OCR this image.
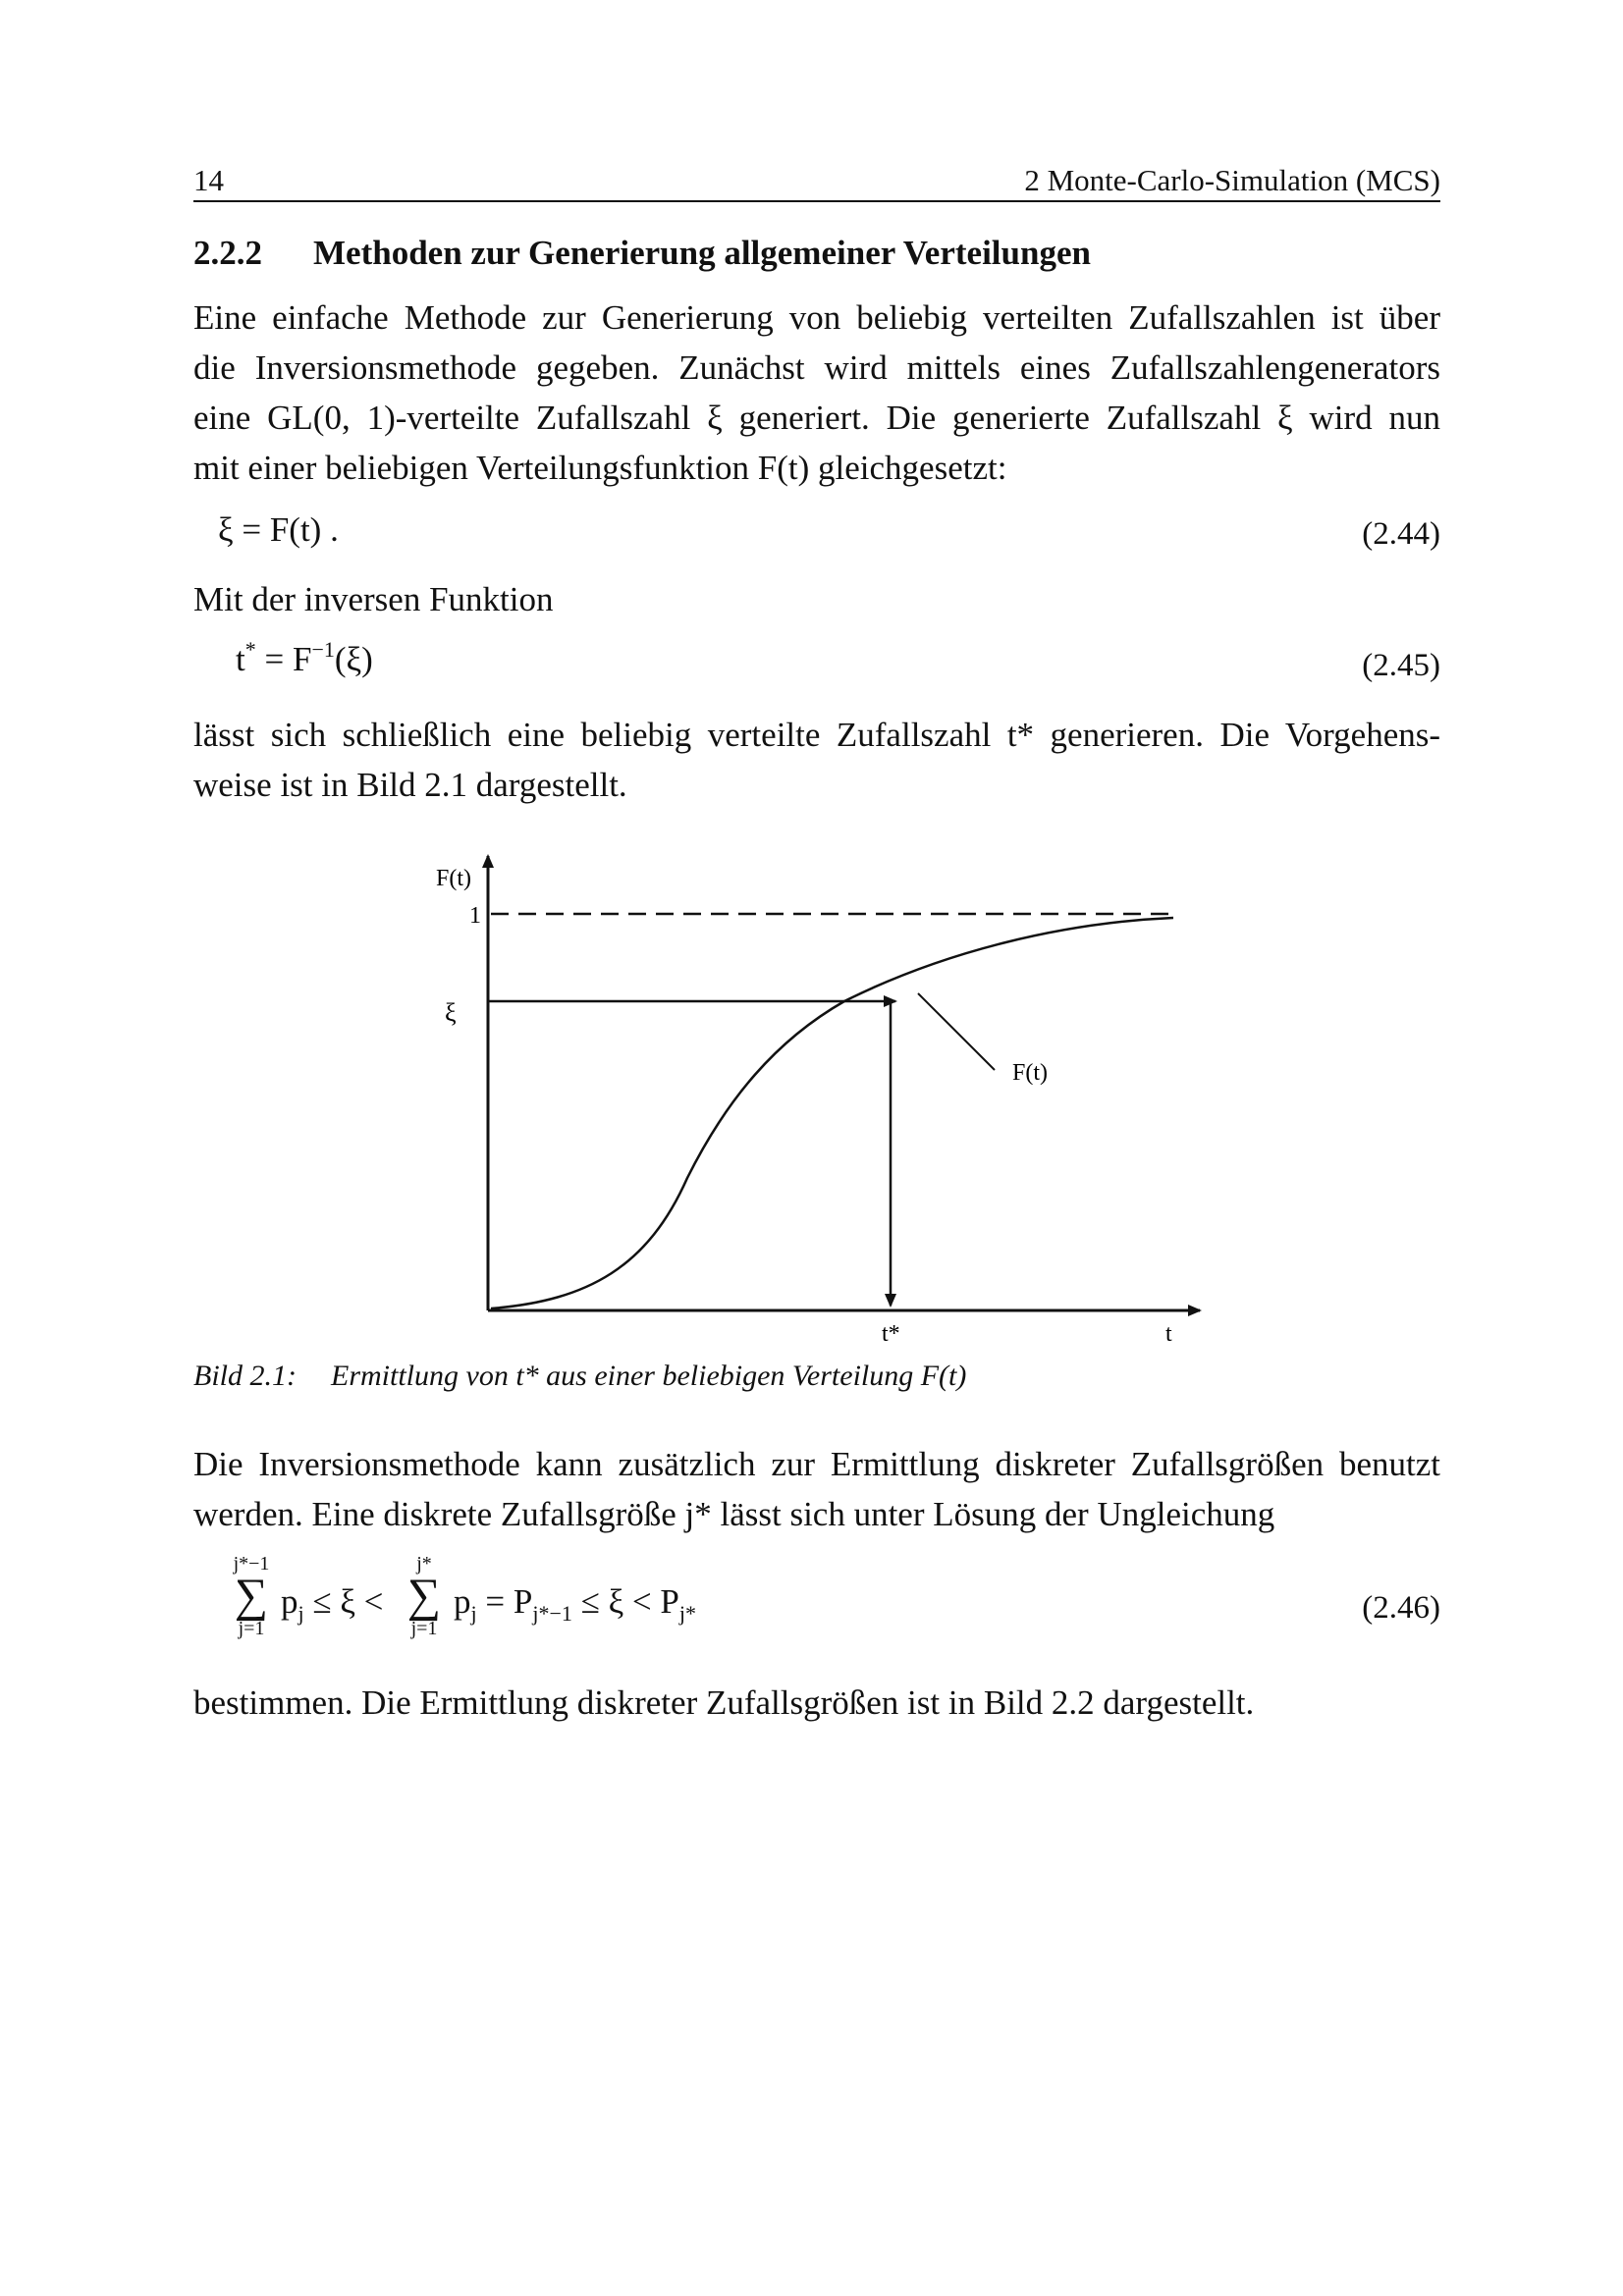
14	2 Monte-Carlo-Simulation (MCS)
2.2.2 Methoden zur Generierung allgemeiner Verteilungen
Eine einfache Methode zur Generierung von beliebig verteilten Zufallszahlen ist über
die Inversionsmethode gegeben. Zunächst wird mittels eines Zufallszahlengenerators
eine GL(0, 1)-verteilte Zufallszahl ξ generiert. Die generierte Zufallszahl ξ wird nun
mit einer beliebigen Verteilungsfunktion F(t) gleichgesetzt:
ξ = F(t) .	(2.44)
Mit der inversen Funktion
$t^* = F^{-1}(\xi)$	(2.45)
lässt sich schließlich eine beliebig verteilte Zufallszahl t* generieren. Die Vorgehens-
weise ist in Bild 2.1 dargestellt.
F(t)
1
ξ
F(t)
t*	t
Bild 2.1: Ermittlung von t* aus einer beliebigen Verteilung F(t)
Die Inversionsmethode kann zusätzlich zur Ermittlung diskreter Zufallsgrößen benutzt
werden. Eine diskrete Zufallsgröße j* lässt sich unter Lösung der Ungleichung
j*−1
∑
j=1
$p_j \le \xi$ <
j*
∑
j=1
$p_j = P_{j*-1} \le \xi < P_{j*}$	(2.46)
bestimmen. Die Ermittlung diskreter Zufallsgrößen ist in Bild 2.2 dargestellt.
